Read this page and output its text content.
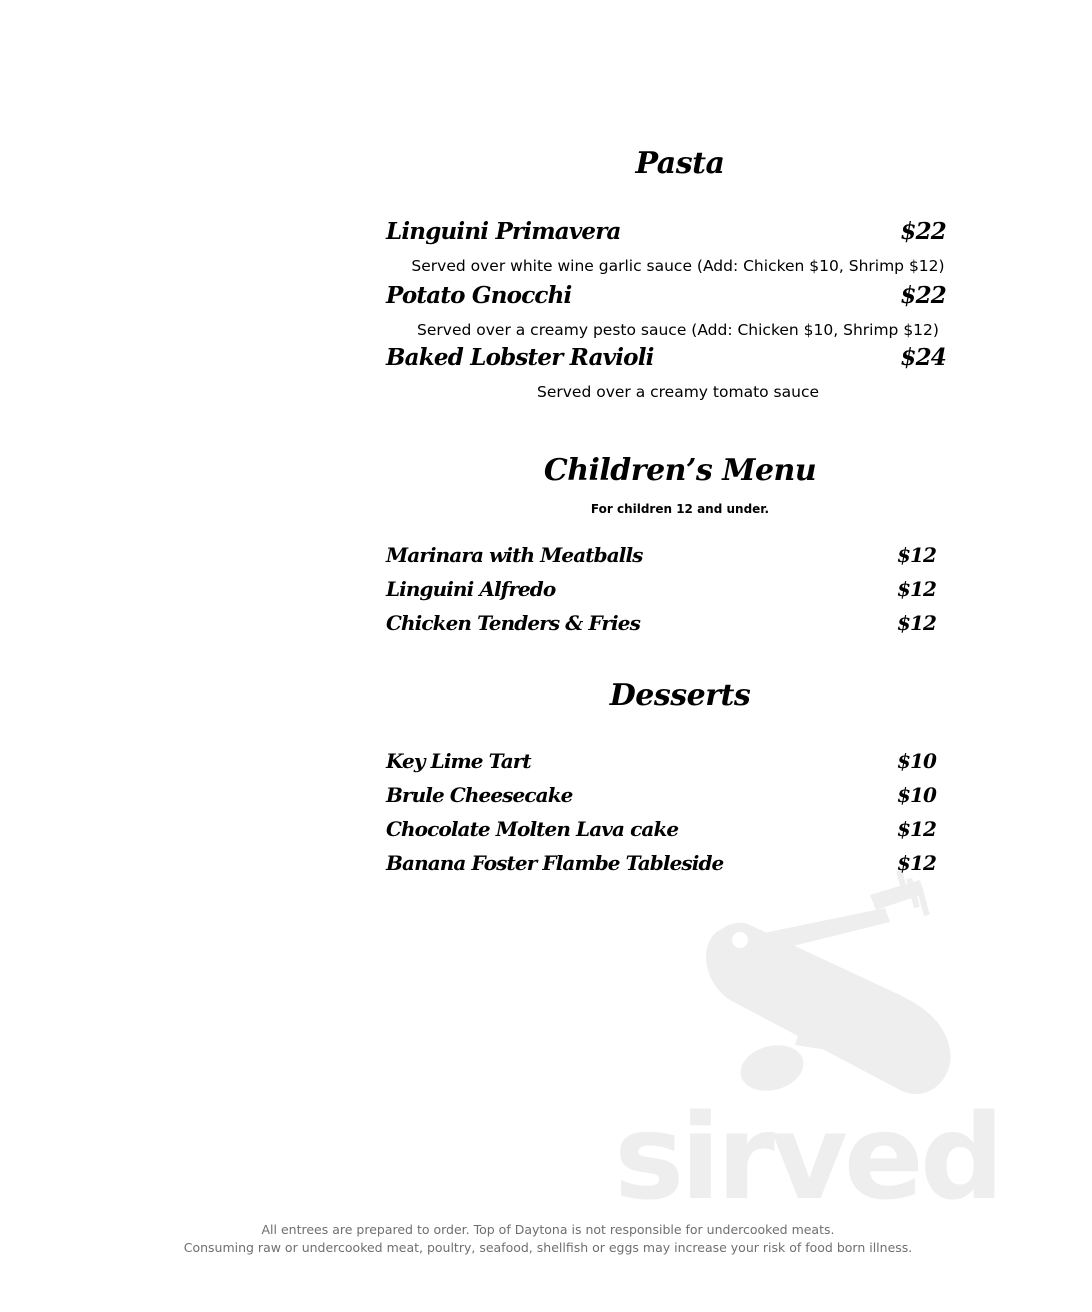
sirved
Pasta
Linguini Primavera	$22
Served over white wine garlic sauce (Add: Chicken $10, Shrimp $12)
Potato Gnocchi	$22
Served over a creamy pesto sauce (Add: Chicken $10, Shrimp $12)
Baked Lobster Ravioli	$24
Served over a creamy tomato sauce
Children’s Menu
For children 12 and under.
Marinara with Meatballs	$12
Linguini Alfredo	$12
Chicken Tenders & Fries	$12
Desserts
Key Lime Tart	$10
Brule Cheesecake	$10
Chocolate Molten Lava cake	$12
Banana Foster Flambe Tableside	$12
All entrees are prepared to order. Top of Daytona is not responsible for undercooked meats.
Consuming raw or undercooked meat, poultry, seafood, shellfish or eggs may increase your risk of food born illness.
